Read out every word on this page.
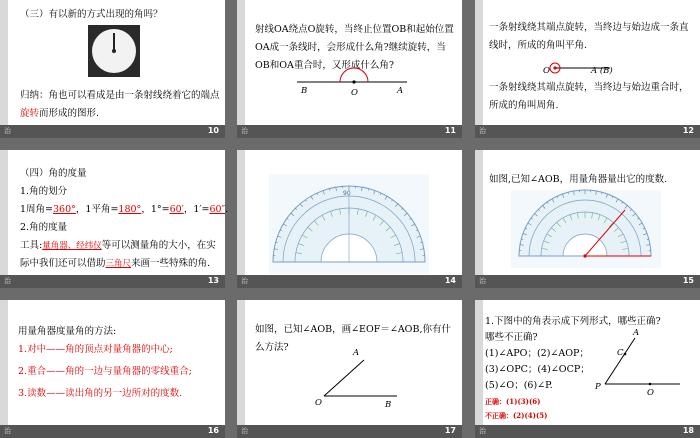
（三）有以新的方式出现的角吗？
归纳：角也可以看成是由一条射线绕着它的端点
旋转而形成的图形.
治	10
射线OA绕点O旋转，当终止位置OB和起始位置
OA成一条线时，会形成什么角?继续旋转，当
OB和OA重合时，又形成什么角?
B	O	A
治	11
一条射线绕其端点旋转，当终边与始边成一条直
线时，所成的角叫平角.
O	A (B)
一条射线绕其端点旋转，当终边与始边重合时，
所成的角叫周角.
治	12
（四）角的度量
1.角的划分
1周角=360°，1平角=180°，1°=60′，1′=60″.
2.角的度量
工具:量角器、经纬仪等可以测量角的大小，在实
际中我们还可以借助三角尺来画一些特殊的角.
治	13
90
治	14
如图,已知∠AOB，用量角器量出它的度数.
治	15
用量角器度量角的方法:
1.对中——角的顶点对量角器的中心;
2.重合——角的一边与量角器的零线重合;
3.读数——读出角的另一边所对的度数.
治	16
如图，已知∠AOB，画∠EOF＝∠AOB,你有什
么方法?	A
O	B
治	17
1.下图中的角表示成下列形式，哪些正确?
哪些不正确?
(1)∠APO；(2)∠AOP；
(3)∠OPC；(4)∠OCP；
(5)∠O；(6)∠P.
正确：(1)(3)(6)
不正确：(2)(4)(5)
A
C
P
O
治	18
